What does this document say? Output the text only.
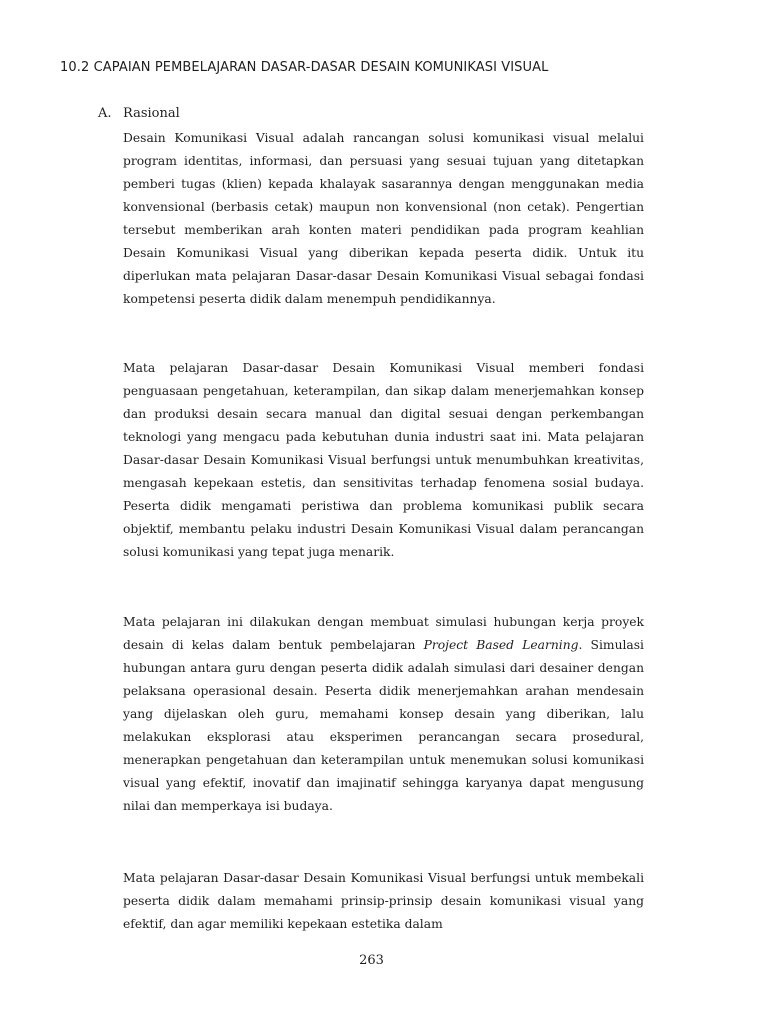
10.2 CAPAIAN PEMBELAJARAN DASAR-DASAR DESAIN KOMUNIKASI VISUAL
A. Rasional

Desain Komunikasi Visual adalah rancangan solusi komunikasi visual melalui program identitas, informasi, dan persuasi yang sesuai tujuan yang ditetapkan pemberi tugas (klien) kepada khalayak sasarannya dengan menggunakan media konvensional (berbasis cetak) maupun non konvensional (non cetak). Pengertian tersebut memberikan arah konten materi pendidikan pada program keahlian Desain Komunikasi Visual yang diberikan kepada peserta didik. Untuk itu diperlukan mata pelajaran Dasar-dasar Desain Komunikasi Visual sebagai fondasi kompetensi peserta didik dalam menempuh pendidikannya.

Mata pelajaran Dasar-dasar Desain Komunikasi Visual memberi fondasi penguasaan pengetahuan, keterampilan, dan sikap dalam menerjemahkan konsep dan produksi desain secara manual dan digital sesuai dengan perkembangan teknologi yang mengacu pada kebutuhan dunia industri saat ini. Mata pelajaran Dasar-dasar Desain Komunikasi Visual berfungsi untuk menumbuhkan kreativitas, mengasah kepekaan estetis, dan sensitivitas terhadap fenomena sosial budaya. Peserta didik mengamati peristiwa dan problema komunikasi publik secara objektif, membantu pelaku industri Desain Komunikasi Visual dalam perancangan solusi komunikasi yang tepat juga menarik.

Mata pelajaran ini dilakukan dengan membuat simulasi hubungan kerja proyek desain di kelas dalam bentuk pembelajaran Project Based Learning. Simulasi hubungan antara guru dengan peserta didik adalah simulasi dari desainer dengan pelaksana operasional desain. Peserta didik menerjemahkan arahan mendesain yang dijelaskan oleh guru, memahami konsep desain yang diberikan, lalu melakukan eksplorasi atau eksperimen perancangan secara prosedural, menerapkan pengetahuan dan keterampilan untuk menemukan solusi komunikasi visual yang efektif, inovatif dan imajinatif sehingga karyanya dapat mengusung nilai dan memperkaya isi budaya.

Mata pelajaran Dasar-dasar Desain Komunikasi Visual berfungsi untuk membekali peserta didik dalam memahami prinsip-prinsip desain komunikasi visual yang efektif, dan agar memiliki kepekaan estetika dalam

263
